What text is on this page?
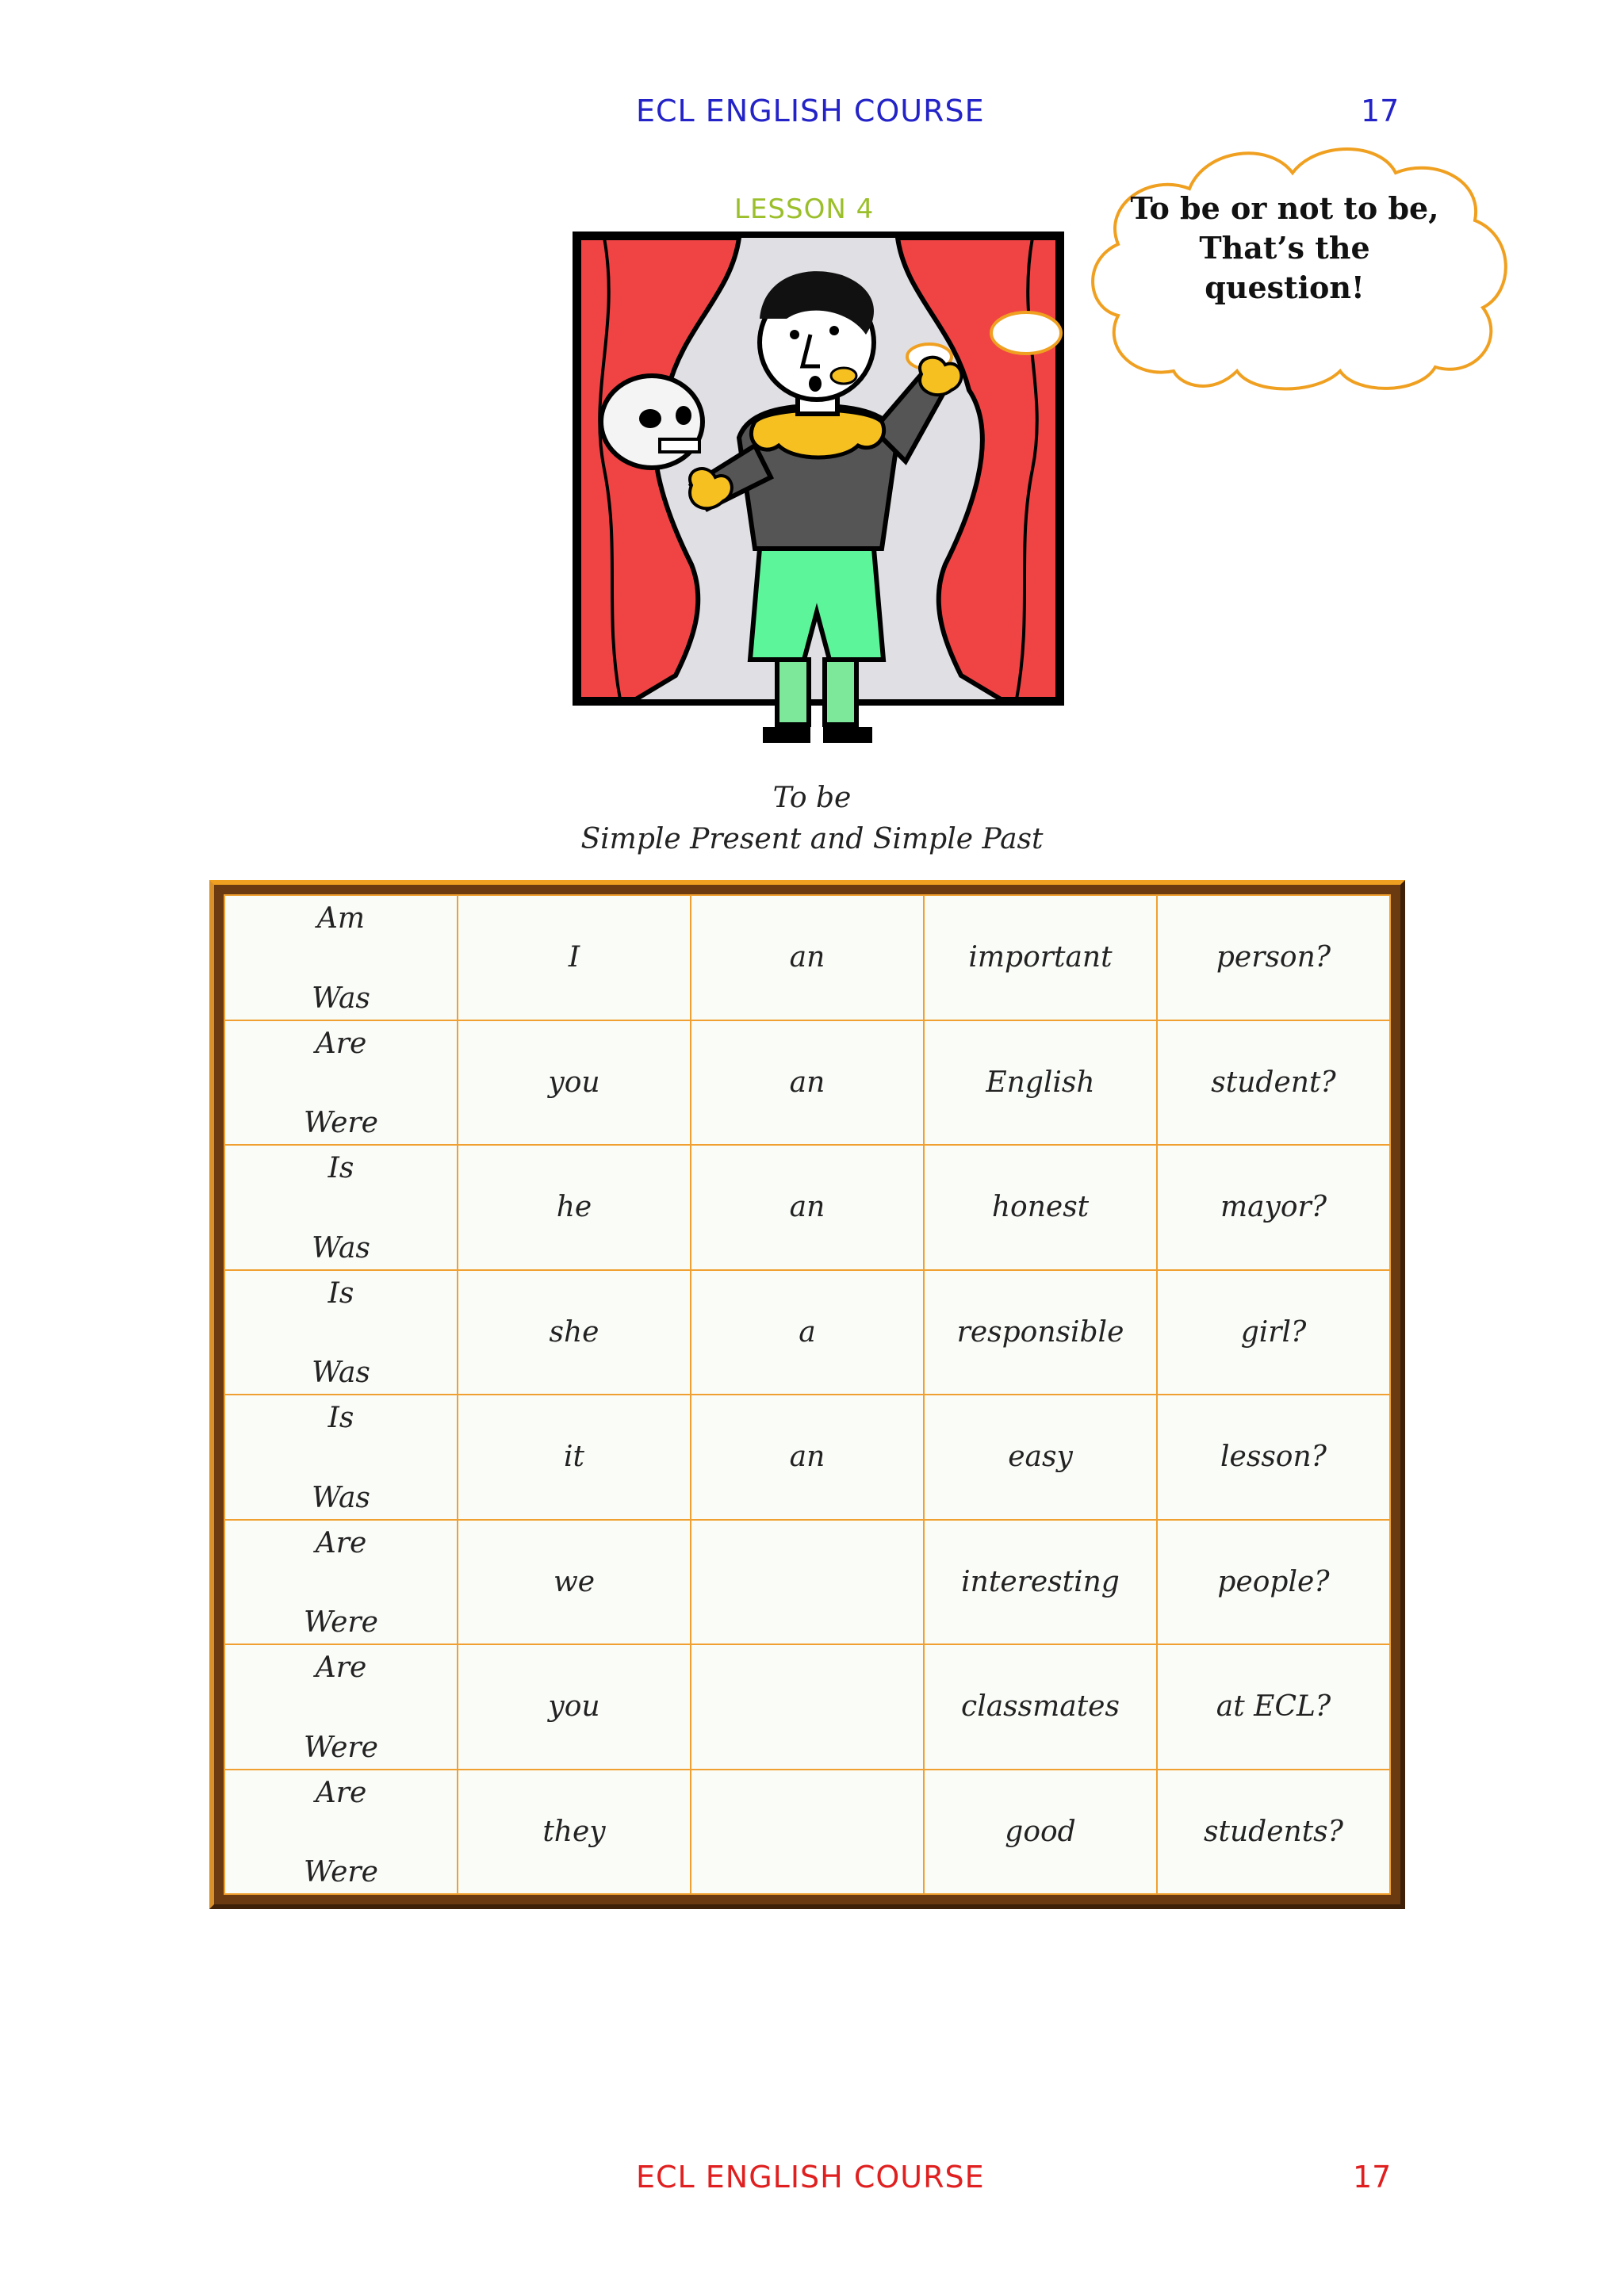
ECL ENGLISH COURSE	17
LESSON 4	To be or not to be,
That’s the
question!
To be
Simple Present and Simple Past
Am
Was	I	an	important	person?

Are
Were	you	an	English	student?

Is
Was	he	an	honest	mayor?

Is
Was	she	a	responsible	girl?

Is
Was	it	an	easy	lesson?

Are
Were	we		interesting	people?

Are
Were	you		classmates	at ECL?

Are
Were	they		good	students?
ECL ENGLISH COURSE	17
